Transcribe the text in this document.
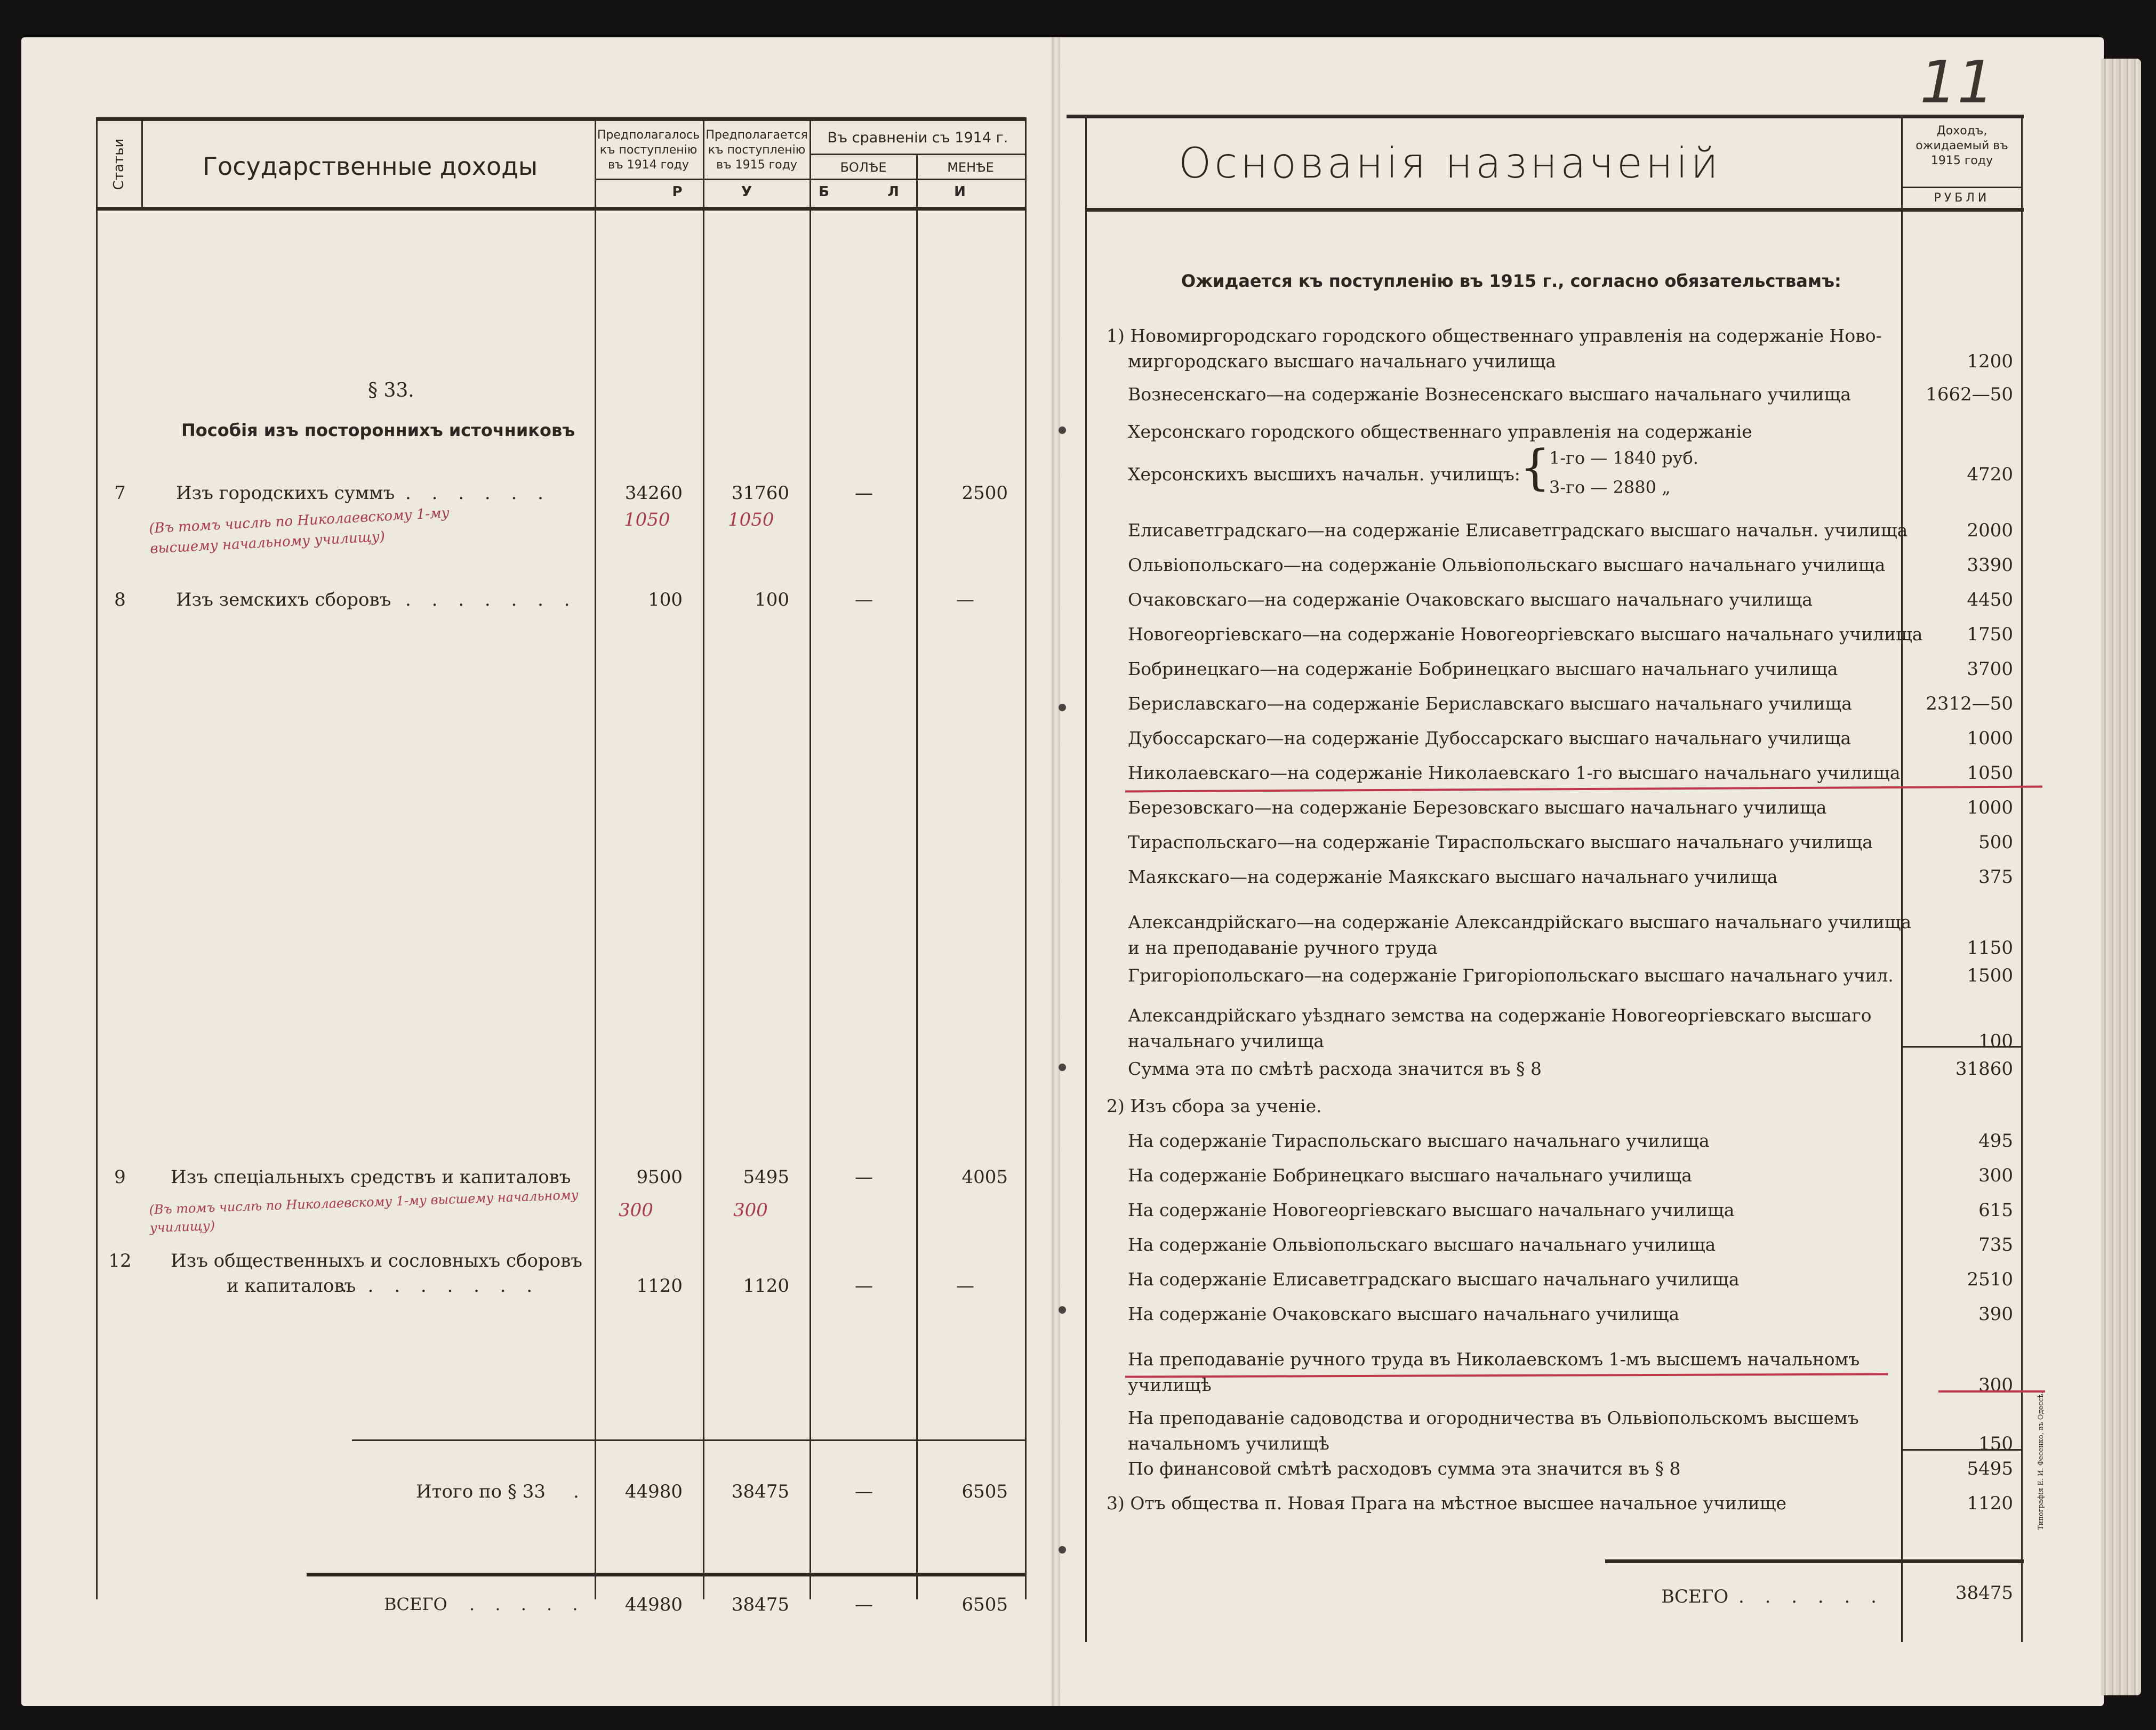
Статьи	Государственные доходы
Предполагалось къ поступленію въ 1914 году
Предполагается къ поступленію въ 1915 году
Въ сравненіи съ 1914 г.
БОЛѢЕ	МЕНѢЕ
Р	У	Б	Л	И
§ 33.
Пособія изъ постороннихъ источниковъ
7	Изъ городскихъ суммъ . . . . . .	34260	31760	—	2500
(Въ томъ числѣ по Николаевскому 1-му высшему начальному училищу)
1050	1050
8	Изъ земскихъ сборовъ . . . . . . .	100	100	—	—
9	Изъ спеціальныхъ средствъ и капиталовъ	9500	5495	—	4005
(Въ томъ числѣ по Николаевскому 1-му высшему начальному училищу)
300	300
12 Изъ общественныхъ и сословныхъ сборовъ
и капиталовъ
. . . . . . . .	1120	1120	—	—
Итого по § 33 .	44980	38475	—	6505
ВСЕГО . . . . .	44980	38475	—	6505
11
Основанія назначеній
Доходъ, ожидаемый въ 1915 году
РУБЛИ
Ожидается къ поступленію въ 1915 г., согласно обязательствамъ:
1) Новомиргородскаго городского общественнаго управленія на содержаніе Ново-
миргородскаго высшаго начальнаго училища	1200
Вознесенскаго—на содержаніе Вознесенскаго высшаго начальнаго училища	1662—50
Херсонскаго городского общественнаго управленія на содержаніе
Херсонскихъ высшихъ начальн. училищъ: {
1-го — 1840 руб.
3-го — 2880 „
4720
Елисаветградскаго—на содержаніе Елисаветградскаго высшаго начальн. училища	2000
Ольвіопольскаго—на содержаніе Ольвіопольскаго высшаго начальнаго училища	3390
Очаковскаго—на содержаніе Очаковскаго высшаго начальнаго училища	4450
Новогеоргіевскаго—на содержаніе Новогеоргіевскаго высшаго начальнаго училища	1750
Бобринецкаго—на содержаніе Бобринецкаго высшаго начальнаго училища	3700
Бериславскаго—на содержаніе Бериславскаго высшаго начальнаго училища	2312—50
Дубоссарскаго—на содержаніе Дубоссарскаго высшаго начальнаго училища	1000
Николаевскаго—на содержаніе Николаевскаго 1-го высшаго начальнаго училища	1050
Березовскаго—на содержаніе Березовскаго высшаго начальнаго училища	1000
Тираспольскаго—на содержаніе Тираспольскаго высшаго начальнаго училища	500
Маякскаго—на содержаніе Маякскаго высшаго начальнаго училища	375
Александрійскаго—на содержаніе Александрійскаго высшаго начальнаго училища
и на преподаваніе ручного труда	1150
Григоріопольскаго—на содержаніе Григоріопольскаго высшаго начальнаго учил.	1500
Александрійскаго уѣзднаго земства на содержаніе Новогеоргіевскаго высшаго
начальнаго училища	100
Сумма эта по смѣтѣ расхода значится въ § 8	31860
2) Изъ сбора за ученіе.
На содержаніе Тираспольскаго высшаго начальнаго училища	495
На содержаніе Бобринецкаго высшаго начальнаго училища	300
На содержаніе Новогеоргіевскаго высшаго начальнаго училища	615
На содержаніе Ольвіопольскаго высшаго начальнаго училища	735
На содержаніе Елисаветградскаго высшаго начальнаго училища	2510
На содержаніе Очаковскаго высшаго начальнаго училища	390
На преподаваніе ручного труда въ Николаевскомъ 1-мъ высшемъ начальномъ
училищѣ	300
На преподаваніе садоводства и огородничества въ Ольвіопольскомъ высшемъ
начальномъ училищѣ	150
По финансовой смѣтѣ расходовъ сумма эта значится въ § 8	5495
3) Отъ общества п. Новая Прага на мѣстное высшее начальное училище	1120
ВСЕГО . . . . . .	38475
Типографія Е. И. Фесенко, въ Одессѣ.
